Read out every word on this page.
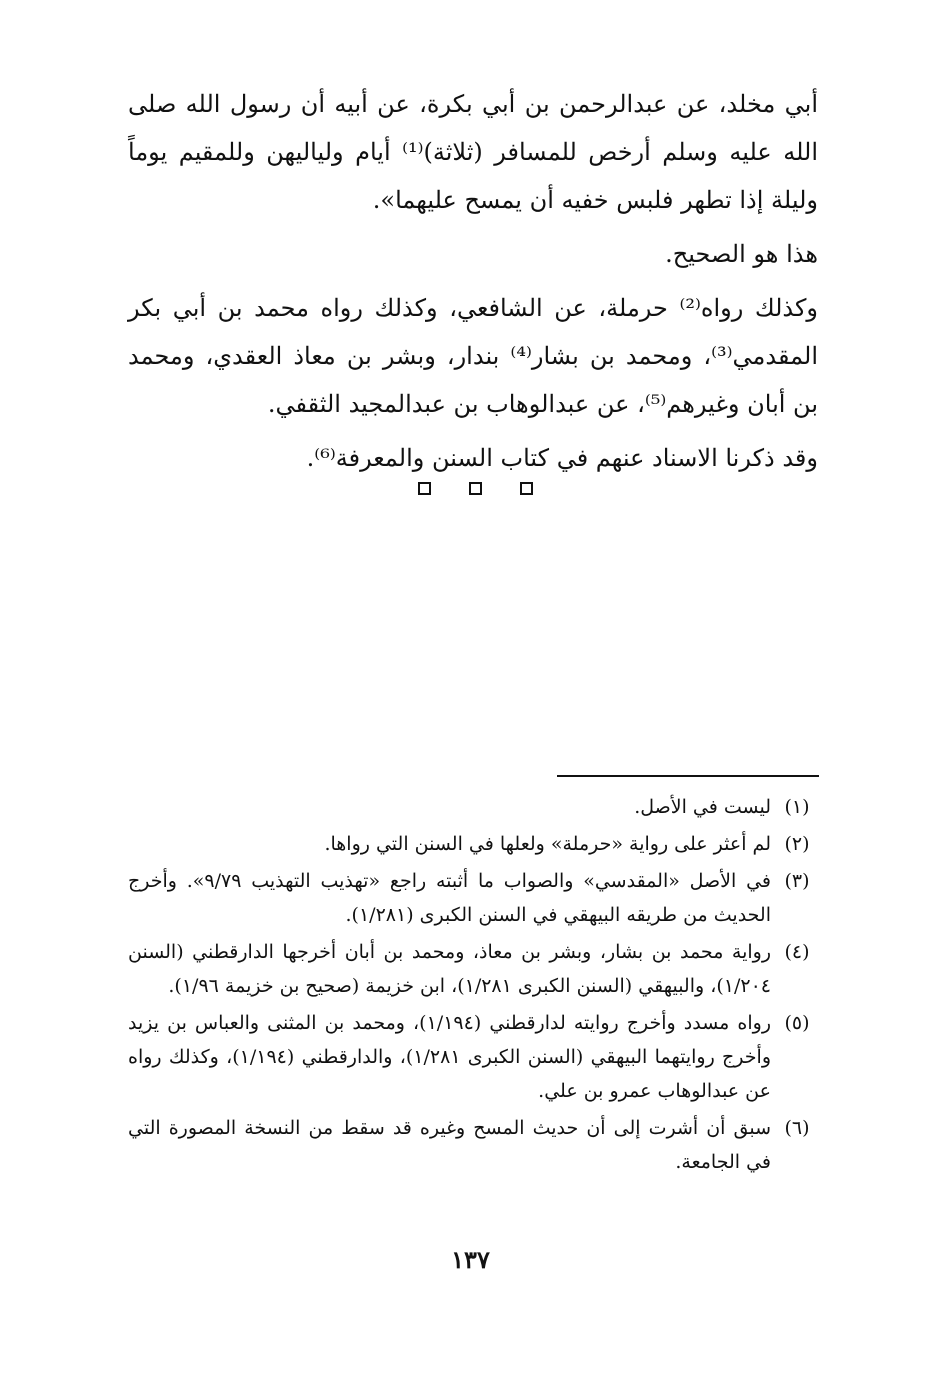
أبي مخلد، عن عبدالرحمن بن أبي بكرة، عن أبيه أن رسول الله صلى الله عليه وسلم أرخص للمسافر (ثلاثة)⁽¹⁾ أيام ولياليهن وللمقيم يوماً وليلة إذا تطهر فلبس خفيه أن يمسح عليهما».

هذا هو الصحيح.

وكذلك رواه⁽²⁾ حرملة، عن الشافعي، وكذلك رواه محمد بن أبي بكر المقدمي⁽³⁾، ومحمد بن بشار⁽⁴⁾ بندار، وبشر بن معاذ العقدي، ومحمد بن أبان وغيرهم⁽⁵⁾، عن عبدالوهاب بن عبدالمجيد الثقفي.

وقد ذكرنا الاسناد عنهم في كتاب السنن والمعرفة⁽⁶⁾.

(١)
ليست في الأصل.
(٢)
لم أعثر على رواية «حرملة» ولعلها في السنن التي رواها.
(٣)
في الأصل «المقدسي» والصواب ما أثبته راجع «تهذيب التهذيب ٩/٧٩». وأخرج الحديث من طريقه البيهقي في السنن الكبرى (١/٢٨١).
(٤)
رواية محمد بن بشار، وبشر بن معاذ، ومحمد بن أبان أخرجها الدارقطني (السنن ١/٢٠٤)، والبيهقي (السنن الكبرى ١/٢٨١)، ابن خزيمة (صحيح بن خزيمة ١/٩٦).
(٥)
رواه مسدد وأخرج روايته لدارقطني (١/١٩٤)، ومحمد بن المثنى والعباس بن يزيد وأخرج روايتهما البيهقي (السنن الكبرى ١/٢٨١)، والدارقطني (١/١٩٤)، وكذلك رواه عن عبدالوهاب عمرو بن علي.
(٦)
سبق أن أشرت إلى أن حديث المسح وغيره قد سقط من النسخة المصورة التي في الجامعة.
١٣٧
